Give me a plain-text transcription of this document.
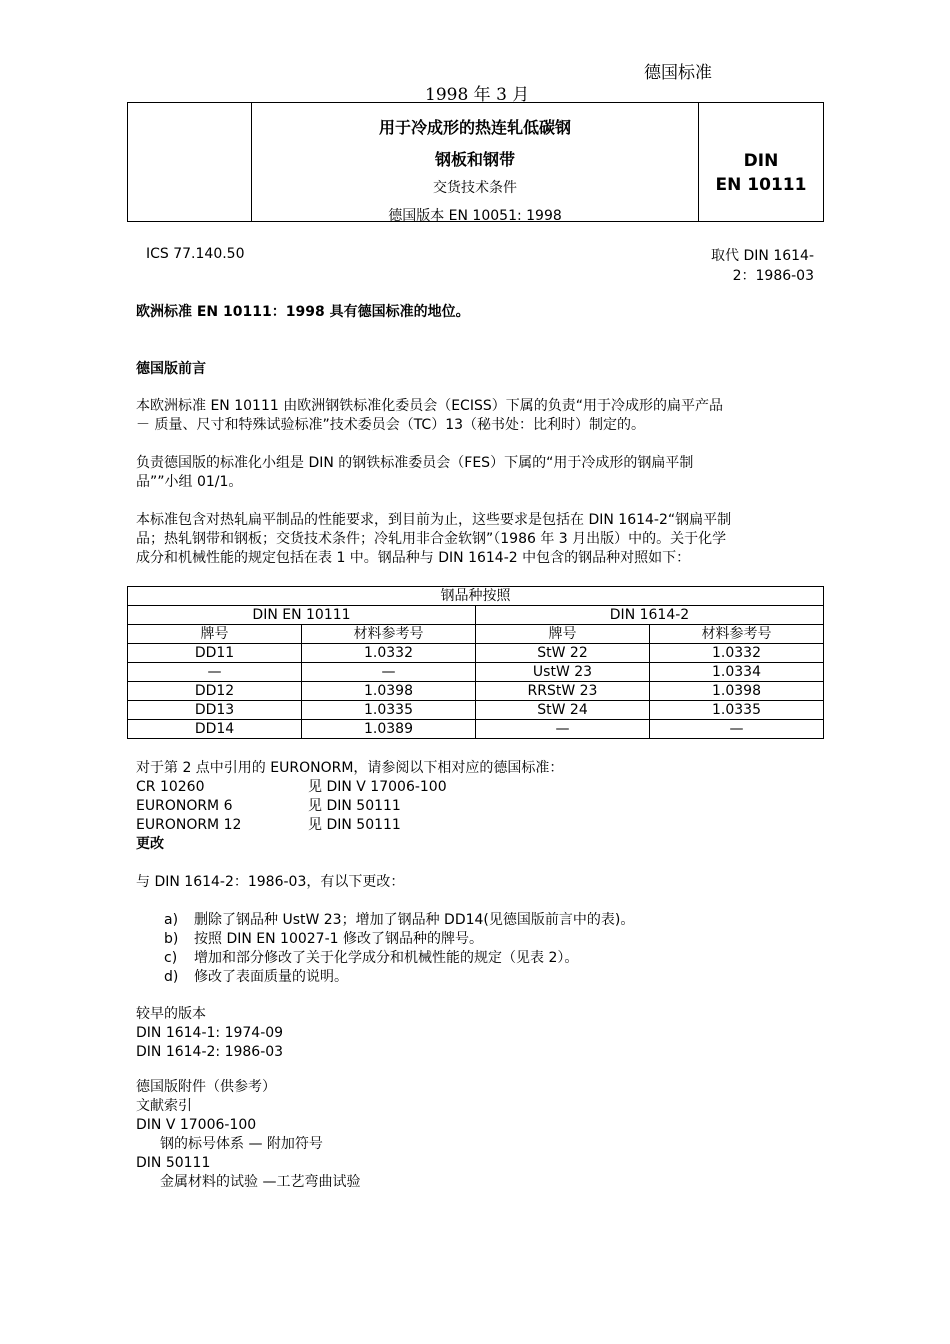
德国标准
1998 年 3 月
用于冷成形的热连轧低碳钢
钢板和钢带
交货技术条件
德国版本 EN 10051: 1998
DIN
EN 10111
ICS 77.140.50	取代 DIN 1614-
2：1986-03
欧洲标准 EN 10111：1998 具有德国标准的地位。
德国版前言
本欧洲标准 EN 10111 由欧洲钢铁标准化委员会（ECISS）下属的负责“用于冷成形的扁平产品
－ 质量、尺寸和特殊试验标准”技术委员会（TC）13（秘书处：比利时）制定的。
负责德国版的标准化小组是 DIN 的钢铁标准委员会（FES）下属的“用于冷成形的钢扁平制
品””小组 01/1。
本标准包含对热轧扁平制品的性能要求，到目前为止，这些要求是包括在 DIN 1614-2“钢扁平制
品；热轧钢带和钢板；交货技术条件；冷轧用非合金软钢”（1986 年 3 月出版）中的。关于化学
成分和机械性能的规定包括在表 1 中。钢品种与 DIN 1614-2 中包含的钢品种对照如下：
钢品种按照			
DIN EN 10111		DIN 1614-2	
牌号	材料参考号	牌号	材料参考号
DD11	1.0332	StW 22	1.0332
—	—	UstW 23	1.0334
DD12	1.0398	RRStW 23	1.0398
DD13	1.0335	StW 24	1.0335
DD14	1.0389	—	—
对于第 2 点中引用的 EURONORM，请参阅以下相对应的德国标准：
CR 10260	见 DIN V 17006-100
EURONORM 6	见 DIN 50111
EURONORM 12	见 DIN 50111
更改
与 DIN 1614-2：1986-03，有以下更改：
a)	删除了钢品种 UstW 23；增加了钢品种 DD14(见德国版前言中的表)。
b)	按照 DIN EN 10027-1 修改了钢品种的牌号。
c)	增加和部分修改了关于化学成分和机械性能的规定（见表 2）。
d)	修改了表面质量的说明。
较早的版本
DIN 1614-1: 1974-09
DIN 1614-2: 1986-03
德国版附件（供参考）
文献索引
DIN V 17006-100
钢的标号体系 — 附加符号
DIN 50111
金属材料的试验 —工艺弯曲试验
